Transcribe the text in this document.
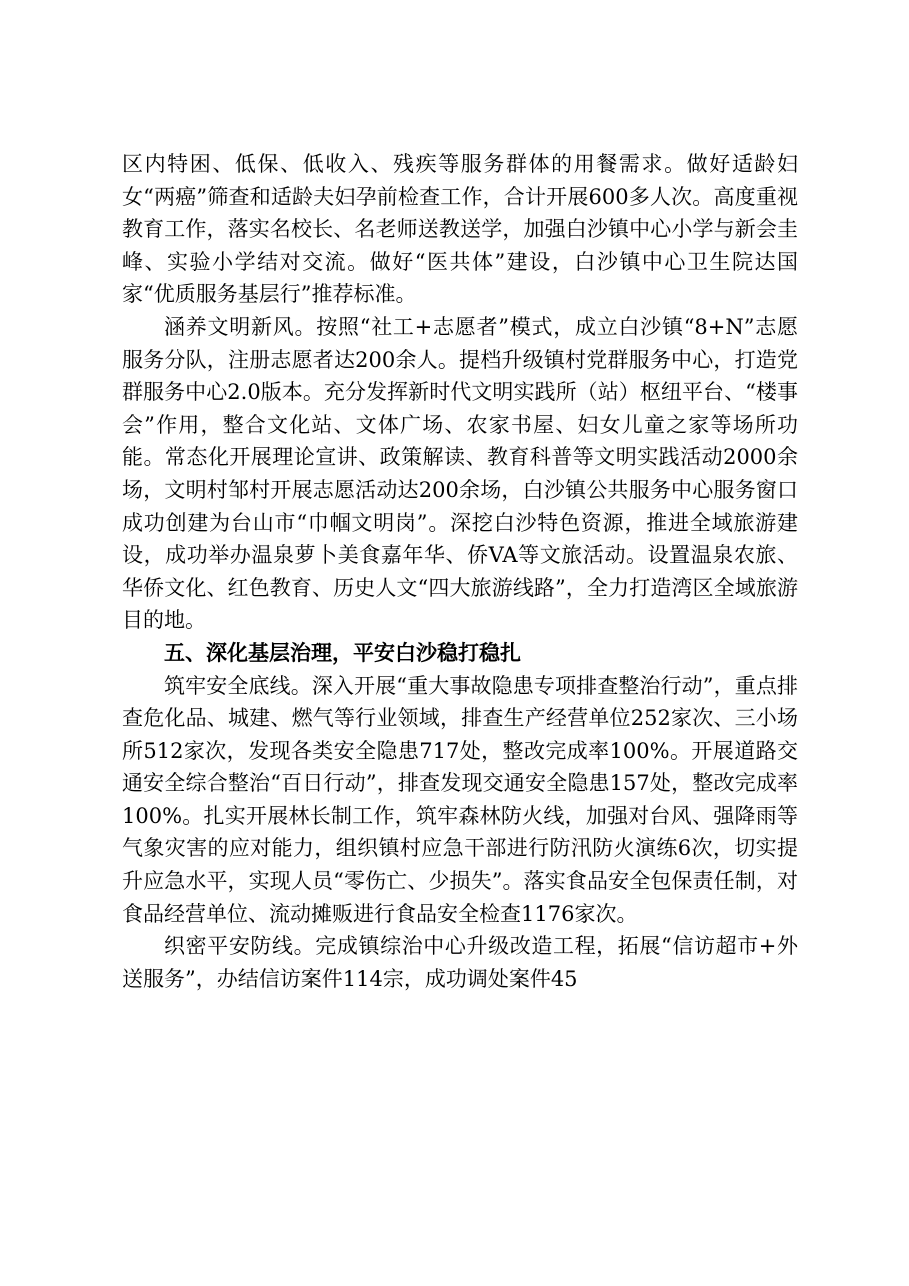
区内特困、低保、低收入、残疾等服务群体的用餐需求。做好适龄妇女“两癌”筛查和适龄夫妇孕前检查工作，合计开展600多人次。高度重视教育工作，落实名校长、名老师送教送学，加强白沙镇中心小学与新会圭峰、实验小学结对交流。做好“医共体”建设，白沙镇中心卫生院达国家“优质服务基层行”推荐标准。

涵养文明新风。按照“社工+志愿者”模式，成立白沙镇“8+N”志愿服务分队，注册志愿者达200余人。提档升级镇村党群服务中心，打造党群服务中心2.0版本。充分发挥新时代文明实践所（站）枢纽平台、“楼事会”作用，整合文化站、文体广场、农家书屋、妇女儿童之家等场所功能。常态化开展理论宣讲、政策解读、教育科普等文明实践活动2000余场，文明村邹村开展志愿活动达200余场，白沙镇公共服务中心服务窗口成功创建为台山市“巾帼文明岗”。深挖白沙特色资源，推进全域旅游建设，成功举办温泉萝卜美食嘉年华、侨VA等文旅活动。设置温泉农旅、华侨文化、红色教育、历史人文“四大旅游线路”，全力打造湾区全域旅游目的地。

五、深化基层治理，平安白沙稳打稳扎

筑牢安全底线。深入开展“重大事故隐患专项排查整治行动”，重点排查危化品、城建、燃气等行业领域，排查生产经营单位252家次、三小场所512家次，发现各类安全隐患717处，整改完成率100%。开展道路交通安全综合整治“百日行动”，排查发现交通安全隐患157处，整改完成率100%。扎实开展林长制工作，筑牢森林防火线，加强对台风、强降雨等气象灾害的应对能力，组织镇村应急干部进行防汛防火演练6次，切实提升应急水平，实现人员“零伤亡、少损失”。落实食品安全包保责任制，对食品经营单位、流动摊贩进行食品安全检查1176家次。

织密平安防线。完成镇综治中心升级改造工程，拓展“信访超市+外送服务”，办结信访案件114宗，成功调处案件45
